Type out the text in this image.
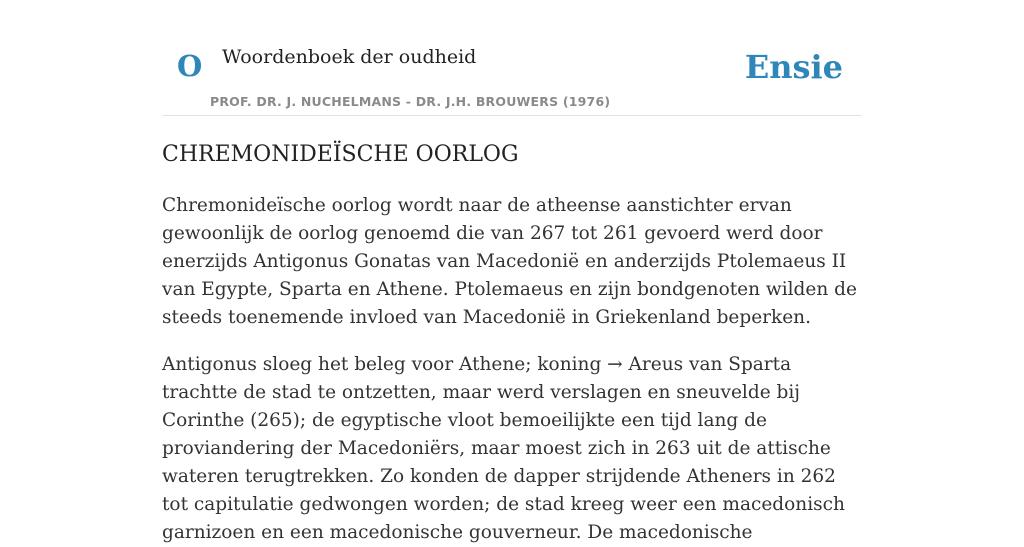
O Woordenboek der oudheid
PROF. DR. J. NUCHELMANS - DR. J.H. BROUWERS (1976)
Ensie
CHREMONIDEÏSCHE OORLOG

Chremonideïsche oorlog wordt naar de atheense aanstichter ervan gewoonlijk de oorlog genoemd die van 267 tot 261 gevoerd werd door enerzijds Antigonus Gonatas van Macedonië en anderzijds Ptolemaeus II van Egypte, Sparta en Athene. Ptolemaeus en zijn bondgenoten wilden de steeds toenemende invloed van Macedonië in Griekenland beperken.

Antigonus sloeg het beleg voor Athene; koning → Areus van Sparta trachtte de stad te ontzetten, maar werd verslagen en sneuvelde bij Corinthe (265); de egyptische vloot bemoeilijkte een tijd lang de proviandering der Macedoniërs, maar moest zich in 263 uit de attische wateren terugtrekken. Zo konden de dapper strijdende Atheners in 262 tot capitulatie gedwongen worden; de stad kreeg weer een macedonisch garnizoen en een macedonische gouverneur. De macedonische
